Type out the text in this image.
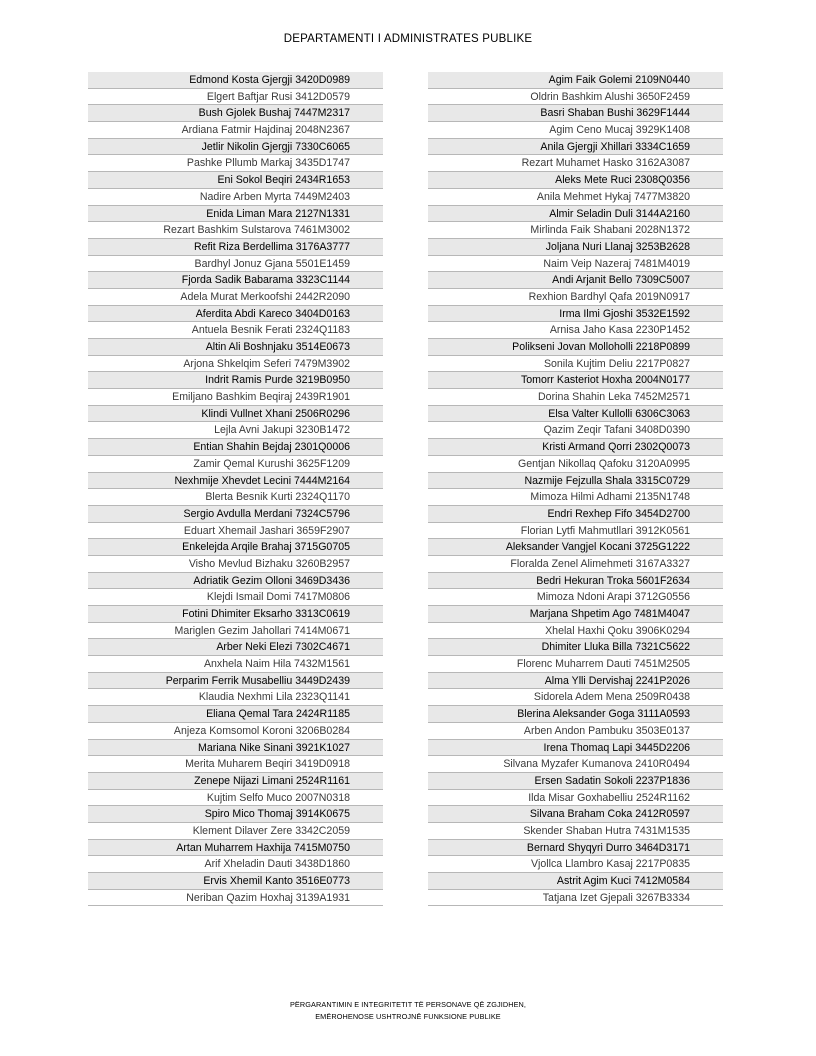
DEPARTAMENTI I ADMINISTRATES PUBLIKE
Edmond Kosta Gjergji 3420D0989
Elgert Baftjar Rusi 3412D0579
Bush Gjolek Bushaj 7447M2317
Ardiana Fatmir Hajdinaj 2048N2367
Jetlir Nikolin Gjergji 7330C6065
Pashke Pllumb Markaj 3435D1747
Eni Sokol Beqiri 2434R1653
Nadire Arben Myrta 7449M2403
Enida Liman Mara 2127N1331
Rezart Bashkim Sulstarova 7461M3002
Refit Riza Berdellima 3176A3777
Bardhyl Jonuz Gjana 5501E1459
Fjorda Sadik Babarama 3323C1144
Adela Murat Merkoofshi 2442R2090
Aferdita Abdi Kareco 3404D0163
Antuela Besnik Ferati 2324Q1183
Altin Ali Boshnjaku 3514E0673
Arjona Shkelqim Seferi 7479M3902
Indrit Ramis Purde 3219B0950
Emiljano Bashkim Beqiraj 2439R1901
Klindi Vullnet Xhani 2506R0296
Lejla Avni Jakupi 3230B1472
Entian Shahin Bejdaj 2301Q0006
Zamir Qemal Kurushi 3625F1209
Nexhmije Xhevdet Lecini 7444M2164
Blerta Besnik Kurti 2324Q1170
Sergio Avdulla Merdani 7324C5796
Eduart Xhemail Jashari 3659F2907
Enkelejda Arqile Brahaj 3715G0705
Visho Mevlud Bizhaku 3260B2957
Adriatik Gezim Olloni 3469D3436
Klejdi Ismail Domi 7417M0806
Fotini Dhimiter Eksarho 3313C0619
Mariglen Gezim Jahollari 7414M0671
Arber Neki Elezi 7302C4671
Anxhela Naim Hila 7432M1561
Perparim Ferrik Musabelliu 3449D2439
Klaudia Nexhmi Lila 2323Q1141
Eliana Qemal Tara 2424R1185
Anjeza Komsomol Koroni 3206B0284
Mariana Nike Sinani 3921K1027
Merita Muharem Beqiri 3419D0918
Zenepe Nijazi Limani 2524R1161
Kujtim Selfo Muco 2007N0318
Spiro Mico Thomaj 3914K0675
Klement Dilaver Zere 3342C2059
Artan Muharrem Haxhija 7415M0750
Arif Xheladin Dauti 3438D1860
Ervis Xhemil Kanto 3516E0773
Neriban Qazim Hoxhaj 3139A1931
Agim Faik Golemi 2109N0440
Oldrin Bashkim Alushi 3650F2459
Basri Shaban Bushi 3629F1444
Agim Ceno Mucaj 3929K1408
Anila Gjergji Xhillari 3334C1659
Rezart Muhamet Hasko 3162A3087
Aleks Mete Ruci 2308Q0356
Anila Mehmet Hykaj 7477M3820
Almir Seladin Duli 3144A2160
Mirlinda Faik Shabani 2028N1372
Joljana Nuri Llanaj 3253B2628
Naim Veip Nazeraj 7481M4019
Andi Arjanit Bello 7309C5007
Rexhion Bardhyl Qafa 2019N0917
Irma Ilmi Gjoshi 3532E1592
Arnisa Jaho Kasa 2230P1452
Polikseni Jovan Molloholli 2218P0899
Sonila Kujtim Deliu 2217P0827
Tomorr Kasteriot Hoxha 2004N0177
Dorina Shahin Leka 7452M2571
Elsa Valter Kullolli 6306C3063
Qazim Zeqir Tafani 3408D0390
Kristi Armand Qorri 2302Q0073
Gentjan Nikollaq Qafoku 3120A0995
Nazmije Fejzulla Shala 3315C0729
Mimoza Hilmi Adhami 2135N1748
Endri Rexhep Fifo 3454D2700
Florian Lytfi Mahmutllari 3912K0561
Aleksander Vangjel Kocani 3725G1222
Floralda Zenel Alimehmeti 3167A3327
Bedri Hekuran Troka 5601F2634
Mimoza Ndoni Arapi 3712G0556
Marjana Shpetim Ago 7481M4047
Xhelal Haxhi Qoku 3906K0294
Dhimiter Lluka Billa 7321C5622
Florenc Muharrem Dauti 7451M2505
Alma Ylli Dervishaj 2241P2026
Sidorela Adem Mena 2509R0438
Blerina Aleksander Goga 3111A0593
Arben Andon Pambuku 3503E0137
Irena Thomaq Lapi 3445D2206
Silvana Myzafer Kumanova 2410R0494
Ersen Sadatin Sokoli 2237P1836
Ilda Misar Goxhabelliu 2524R1162
Silvana Braham Coka 2412R0597
Skender Shaban Hutra 7431M1535
Bernard Shyqyri Durro 3464D3171
Vjollca Llambro Kasaj 2217P0835
Astrit Agim Kuci 7412M0584
Tatjana Izet Gjepali 3267B3334
PËRGARANTIMIN E INTEGRITETIT TË PERSONAVE QË ZGJIDHEN,
EMËROHENOSE USHTROJNË FUNKSIONE PUBLIKE
